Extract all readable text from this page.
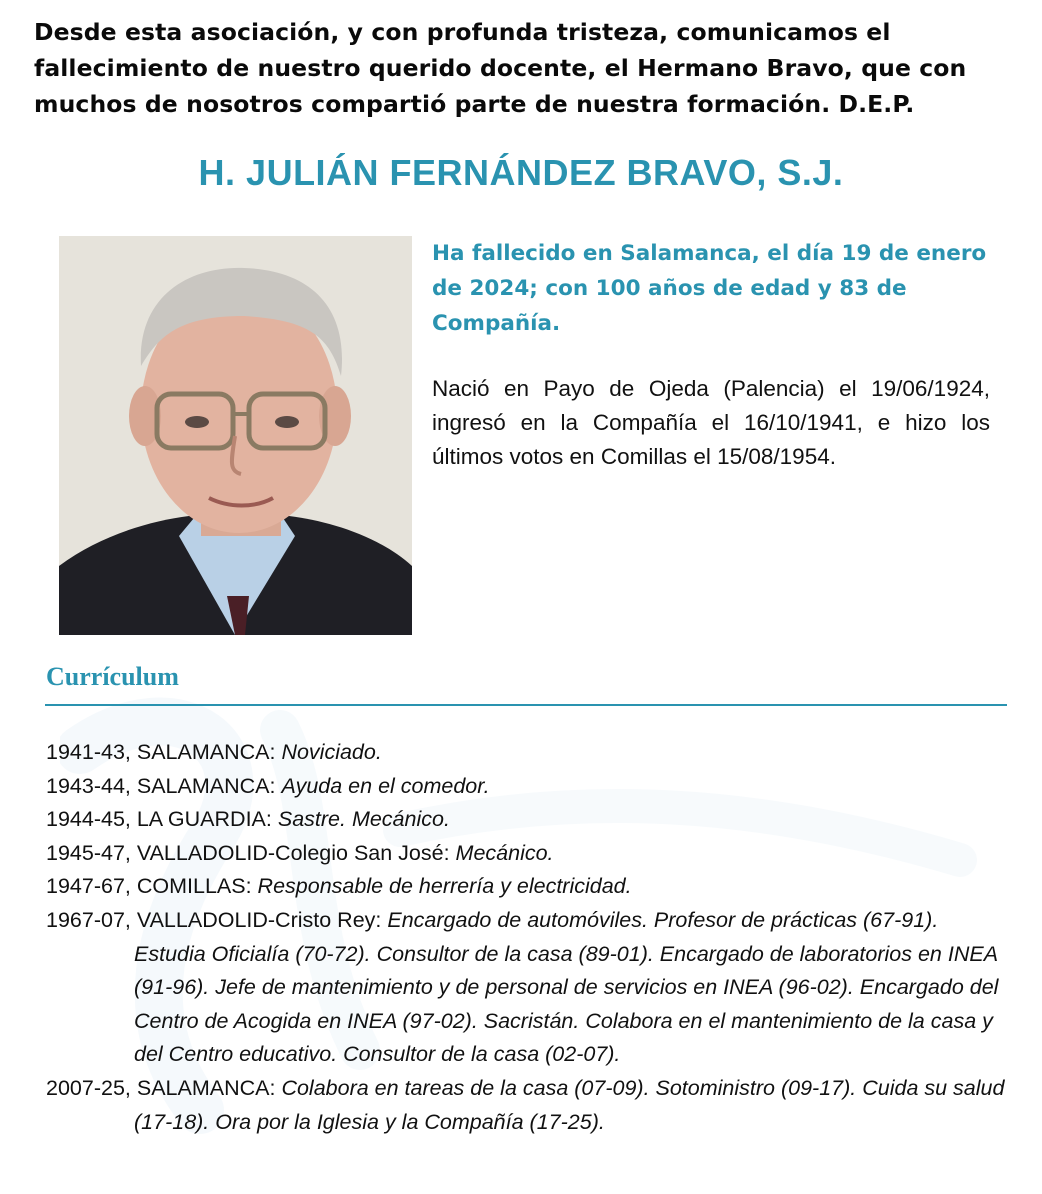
Desde esta asociación, y con profunda tristeza, comunicamos el fallecimiento de nuestro querido docente, el Hermano Bravo, que con muchos de nosotros compartió parte de nuestra formación. D.E.P.
H. JULIÁN FERNÁNDEZ BRAVO, S.J.
Ha fallecido en Salamanca, el día 19 de enero de 2024; con 100 años de edad y 83 de Compañía.
Nació en Payo de Ojeda (Palencia) el 19/06/1924, ingresó en la Compañía el 16/10/1941, e hizo los últimos votos en Comillas el 15/08/1954.
Currículum
1941-43, SALAMANCA: Noviciado.
1943-44, SALAMANCA: Ayuda en el comedor.
1944-45, LA GUARDIA: Sastre. Mecánico.
1945-47, VALLADOLID-Colegio San José: Mecánico.
1947-67, COMILLAS: Responsable de herrería y electricidad.
1967-07, VALLADOLID-Cristo Rey: Encargado de automóviles. Profesor de prácticas (67-91). Estudia Oficialía (70-72). Consultor de la casa (89-01). Encargado de laboratorios en INEA (91-96). Jefe de mantenimiento y de personal de servicios en INEA (96-02). Encargado del Centro de Acogida en INEA (97-02). Sacristán. Colabora en el mantenimiento de la casa y del Centro educativo. Consultor de la casa (02-07).
2007-25, SALAMANCA: Colabora en tareas de la casa (07-09). Sotoministro (09-17). Cuida su salud (17-18). Ora por la Iglesia y la Compañía (17-25).
